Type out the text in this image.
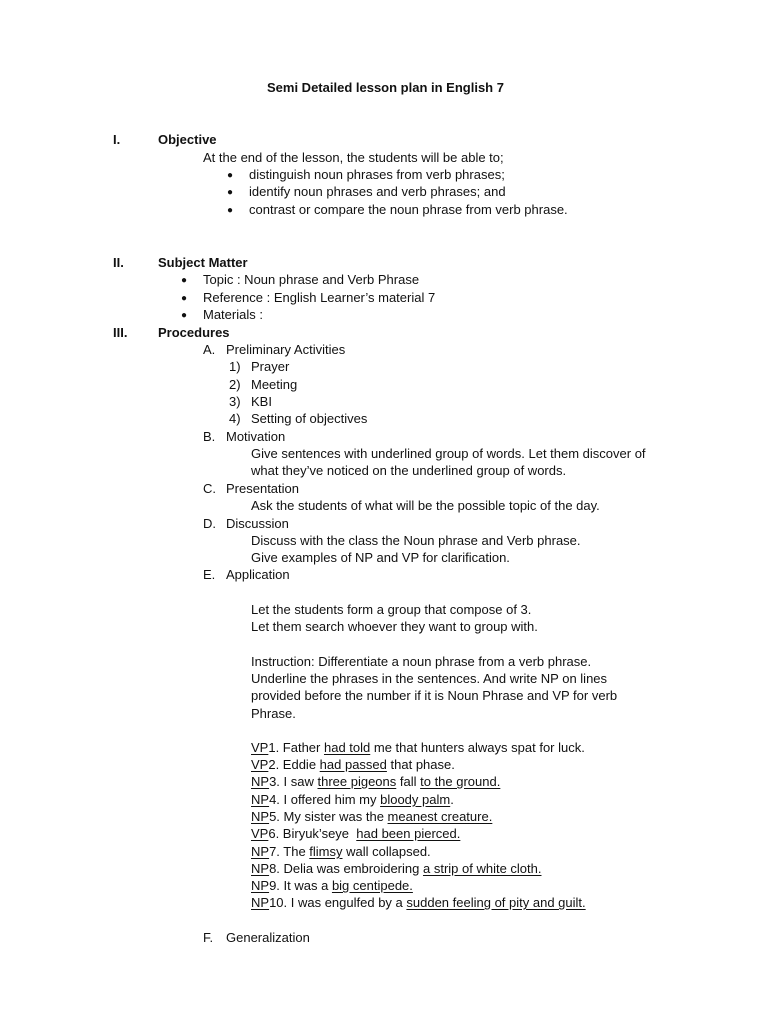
Semi Detailed lesson plan in English 7
I.	Objective
At the end of the lesson, the students will be able to;
● distinguish noun phrases from verb phrases;
● identify noun phrases and verb phrases; and
● contrast or compare the noun phrase from verb phrase.
II.	Subject Matter
● Topic : Noun phrase and Verb Phrase
● Reference : English Learner’s material 7
● Materials :
III. Procedures
A. Preliminary Activities
1) Prayer
2) Meeting
3) KBI
4) Setting of objectives
B. Motivation
Give sentences with underlined group of words. Let them discover of
what they’ve noticed on the underlined group of words.
C. Presentation
Ask the students of what will be the possible topic of the day.
D. Discussion
Discuss with the class the Noun phrase and Verb phrase.
Give examples of NP and VP for clarification.
E. Application
Let the students form a group that compose of 3.
Let them search whoever they want to group with.
Instruction: Differentiate a noun phrase from a verb phrase.
Underline the phrases in the sentences. And write NP on lines
provided before the number if it is Noun Phrase and VP for verb
Phrase.
VP1. Father had told me that hunters always spat for luck.
VP2. Eddie had passed that phase.
NP3. I saw three pigeons fall to the ground.
NP4. I offered him my bloody palm.
NP5. My sister was the meanest creature.
VP6. Biryuk’seye  had been pierced.
NP7. The flimsy wall collapsed.
NP8. Delia was embroidering a strip of white cloth.
NP9. It was a big centipede.
NP10. I was engulfed by a sudden feeling of pity and guilt.
F. Generalization
